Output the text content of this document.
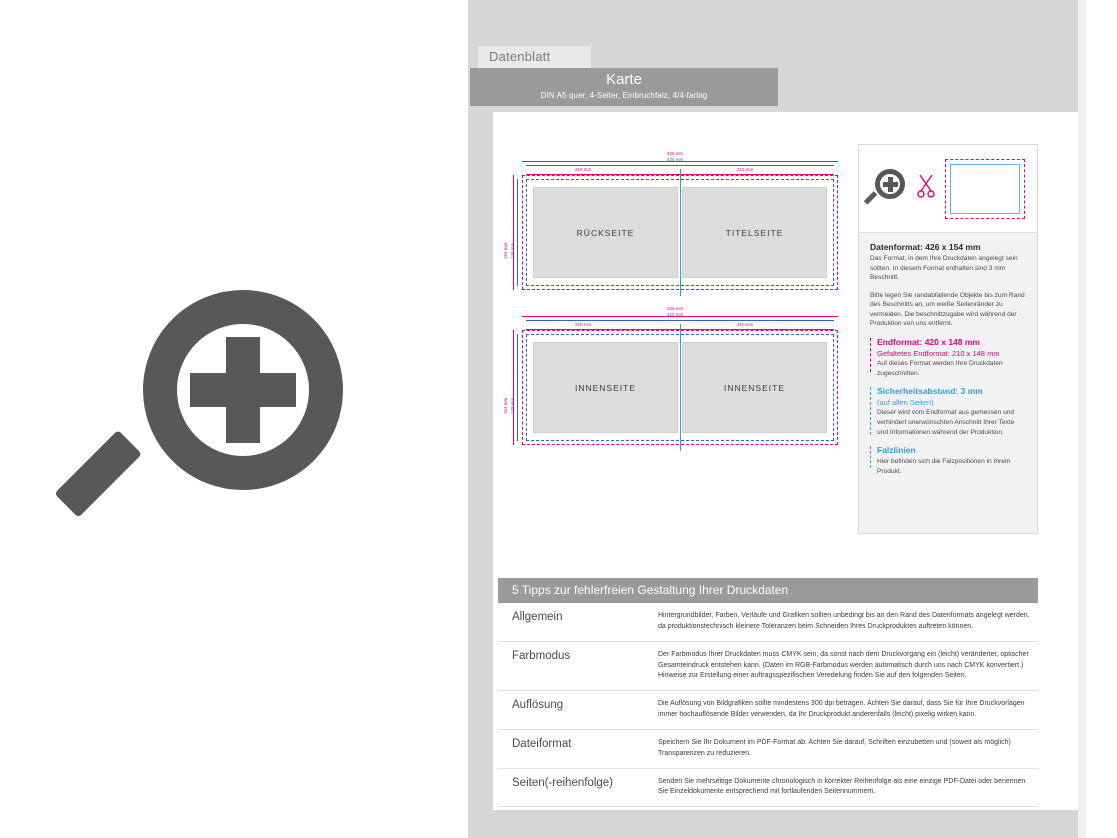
Datenblatt
Karte
DIN A5 quer, 4-Seiter, Einbruchfalz, 4/4-farbig
426 mm
420 mm
210 mm	210 mm
154 mm 148 mm
RÜCKSEITE	TITELSEITE
426 mm
420 mm
210 mm	210 mm
154 mm 148 mm
INNENSEITE	INNENSEITE

Datenformat: 426 x 154 mm

Das Format, in dem Ihre Druckdaten angelegt sein sollten. In diesem Format enthalten sind 3 mm Beschnitt.

Bitte legen Sie randabfallende Objekte bis zum Rand des Beschnitts an, um weiße Seitenränder zu vermeiden. Die beschnittzugabe wird während der Produktion von uns entfernt.

Endformat: 420 x 148 mm

Gefaltetes Endformat: 210 x 148 mm

Auf dieses Format werden Ihre Druckdaten zugeschnitten.

Sicherheitsabstand: 3 mm

(auf allen Seiten)

Dieser wird vom Endformat aus gemessen und verhindert unerwünschten Anschnitt Ihrer Texte und Informationen während der Produktion.

Falzlinien

Hier befinden sich die Falzpositionen in Ihrem Produkt.

5 Tipps zur fehlerfreien Gestaltung Ihrer Druckdaten
Allgemein	Hintergrundbilder, Farben, Verläufe und Grafiken sollten unbedingt bis an den Rand des Datenformats angelegt werden, da produktionstechnisch kleinere Toleranzen beim Schneiden Ihres Druckproduktes auftreten können.
Farbmodus	Der Farbmodus Ihrer Druckdaten muss CMYK sein, da sonst nach dem Druckvorgang ein (leicht) veränderter, optischer Gesamteindruck entstehen kann. (Daten im RGB-Farbmodus werden automatisch durch uns nach CMYK konvertiert.) Hinweise zur Erstellung einer auftragsspezifischen Veredelung finden Sie auf den folgenden Seiten.
Auflösung	Die Auflösung von Bildgrafiken sollte mindestens 300 dpi betragen. Achten Sie darauf, dass Sie für Ihre Druckvorlagen immer hochauflösende Bilder verwenden, da Ihr Druckprodukt anderenfalls (leicht) pixelig wirken kann.
Dateiformat	Speichern Sie Ihr Dokument im PDF-Format ab. Achten Sie darauf, Schriften einzubetten und (soweit als möglich) Transparenzen zu reduzieren.
Seiten(-reihenfolge)	Senden Sie mehrseitige Dokumente chronologisch in korrekter Reihenfolge als eine einzige PDF-Datei oder benennen Sie Einzeldokumente entsprechend mit fortlaufenden Seitennummern.
